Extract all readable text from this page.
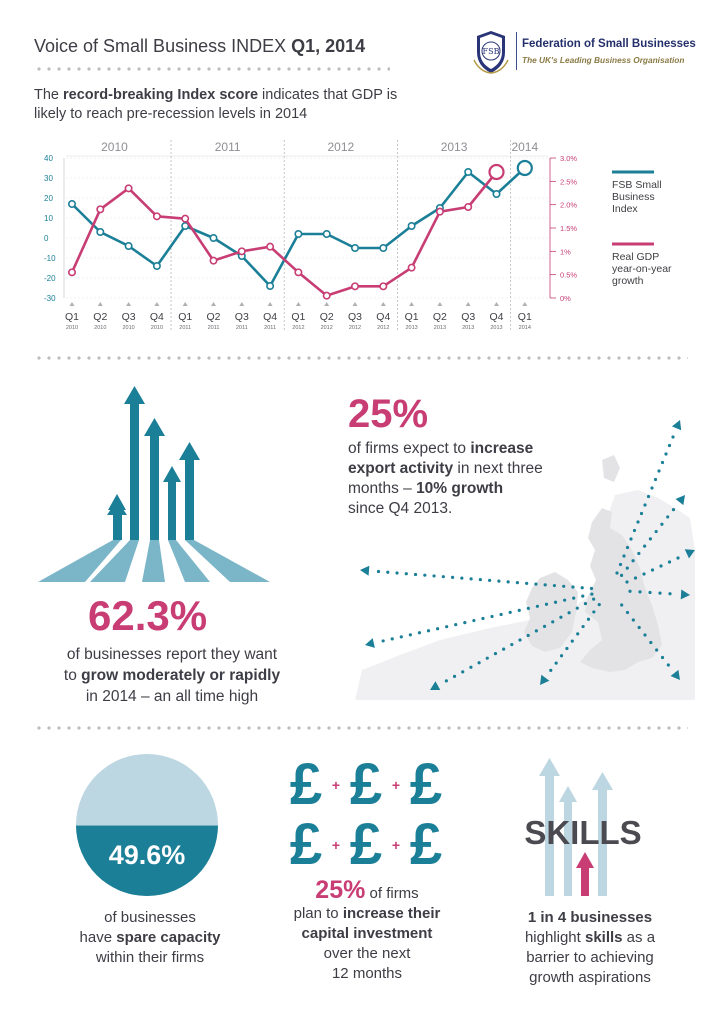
Voice of Small Business INDEX Q1, 2014	FSB
Federation of Small Businesses
The UK's Leading Business Organisation
The record-breaking Index score indicates that GDP is likely to reach pre-recession levels in 2014
2010	2011	2012	2013	2014
40
30
20
10
0
-10
-20
-30
3.0%
2.5%
2.0%
1.5%
1%
0.5%
0%
Q1
2010
Q2
2010
Q3
2010
Q4
2010
Q1
2011
Q2
2011
Q3
2011
Q4
2011
Q1
2012
Q2
2012
Q3
2012
Q4
2012
Q1
2013
Q2
2013
Q3
2013
Q4
2013
Q1
2014
FSB Small
Business
Index
Real GDP
year-on-year
growth
25%
of firms expect to increase
export activity in next three
months – 10% growth
since Q4 2013.
62.3%
of businesses report they want
to grow moderately or rapidly
in 2014 – an all time high
49.6%
of businesses
have spare capacity
within their firms
£ £ £
£ £ £
+	+
+	+
25% of firms
plan to increase their
capital investment
over the next
12 months
SKILLS
1 in 4 businesses
highlight skills as a
barrier to achieving
growth aspirations
